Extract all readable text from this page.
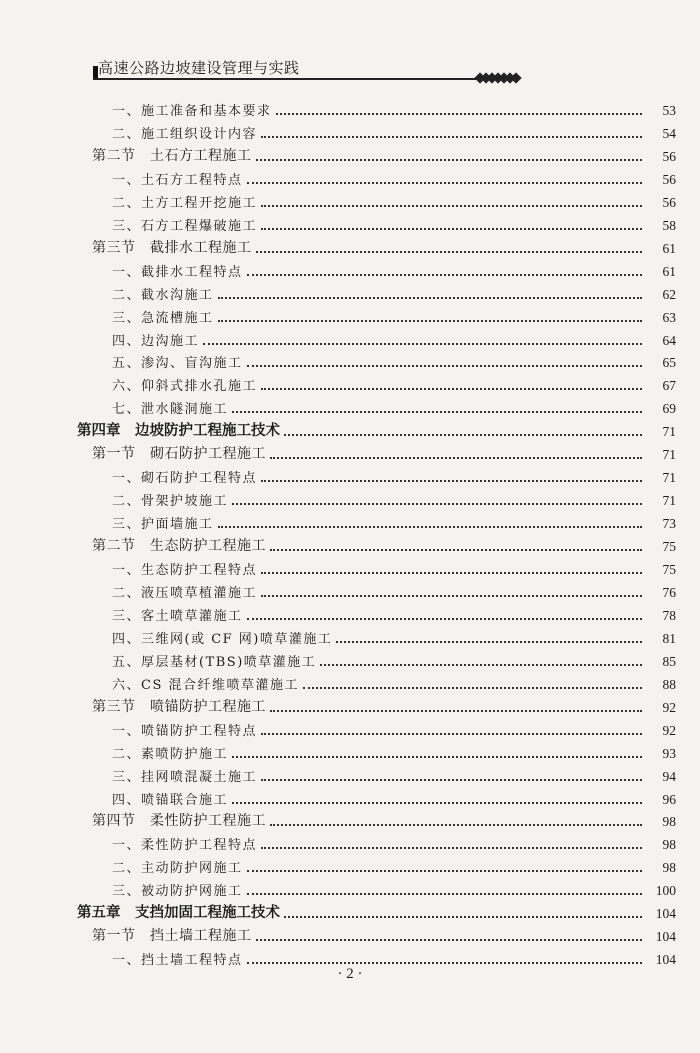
高速公路边坡建设管理与实践
一、施工准备和基本要求	53
二、施工组织设计内容	54
第二节　土石方工程施工	56
一、土石方工程特点	56
二、土方工程开挖施工	56
三、石方工程爆破施工	58
第三节　截排水工程施工	61
一、截排水工程特点	61
二、截水沟施工	62
三、急流槽施工	63
四、边沟施工	64
五、渗沟、盲沟施工	65
六、仰斜式排水孔施工	67
七、泄水隧洞施工	69
第四章　边坡防护工程施工技术	71
第一节　砌石防护工程施工	71
一、砌石防护工程特点	71
二、骨架护坡施工	71
三、护面墙施工	73
第二节　生态防护工程施工	75
一、生态防护工程特点	75
二、液压喷草植灌施工	76
三、客土喷草灌施工	78
四、三维网(或 CF 网)喷草灌施工	81
五、厚层基材(TBS)喷草灌施工	85
六、CS 混合纤维喷草灌施工	88
第三节　喷锚防护工程施工	92
一、喷锚防护工程特点	92
二、素喷防护施工	93
三、挂网喷混凝土施工	94
四、喷锚联合施工	96
第四节　柔性防护工程施工	98
一、柔性防护工程特点	98
二、主动防护网施工	98
三、被动防护网施工	100
第五章　支挡加固工程施工技术	104
第一节　挡土墙工程施工	104
一、挡土墙工程特点	104
· 2 ·
